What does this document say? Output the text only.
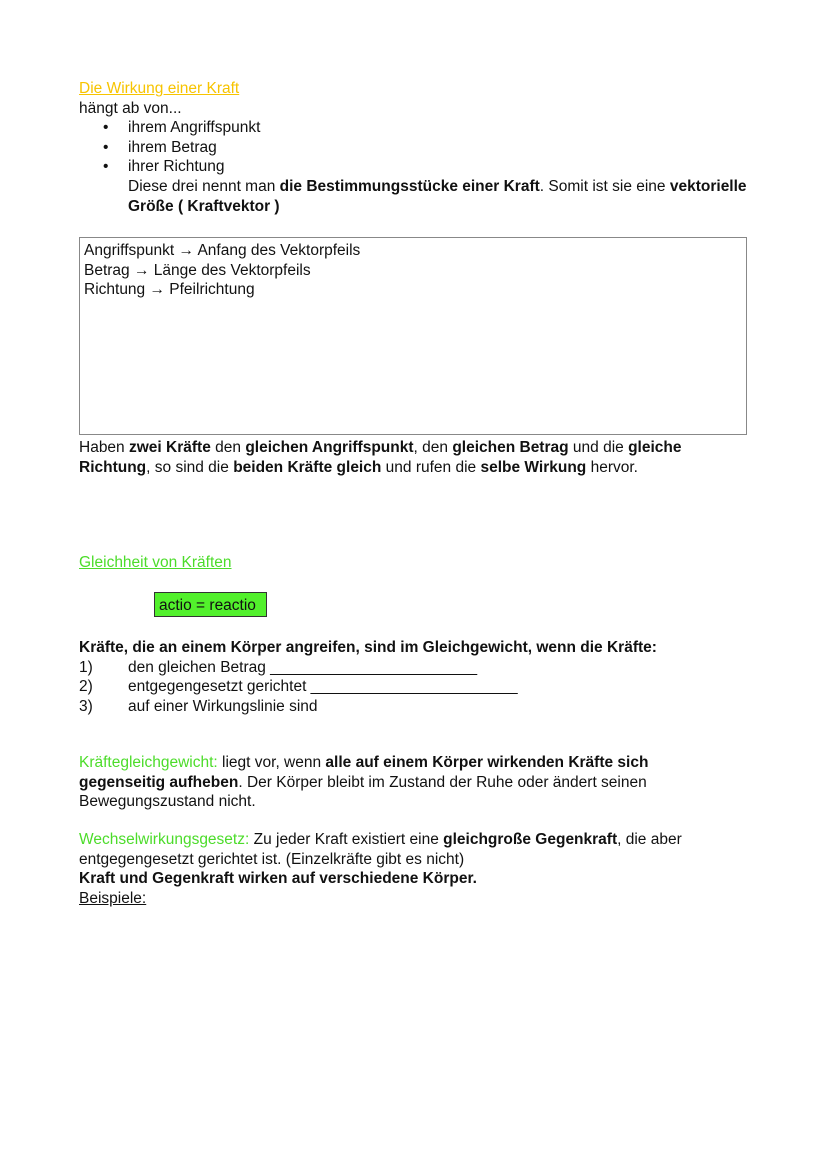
Die Wirkung einer Kraft
hängt ab von...
• ihrem Angriffspunkt
• ihrem Betrag
• ihrer Richtung
Diese drei nennt man die Bestimmungsstücke einer Kraft. Somit ist sie eine vektorielle Größe ( Kraftvektor )
Angriffspunkt → Anfang des Vektorpfeils
Betrag → Länge des Vektorpfeils
Richtung → Pfeilrichtung
Haben zwei Kräfte den gleichen Angriffspunkt, den gleichen Betrag und die gleiche Richtung, so sind die beiden Kräfte gleich und rufen die selbe Wirkung hervor.
Gleichheit von Kräften
actio = reactio
Kräfte, die an einem Körper angreifen, sind im Gleichgewicht, wenn die Kräfte:
1) den gleichen Betrag ________________________
2) entgegengesetzt gerichtet ________________________
3) auf einer Wirkungslinie sind
Kräftegleichgewicht: liegt vor, wenn alle auf einem Körper wirkenden Kräfte sich gegenseitig aufheben. Der Körper bleibt im Zustand der Ruhe oder ändert seinen Bewegungszustand nicht.
Wechselwirkungsgesetz: Zu jeder Kraft existiert eine gleichgroße Gegenkraft, die aber entgegengesetzt gerichtet ist. (Einzelkräfte gibt es nicht)
Kraft und Gegenkraft wirken auf verschiedene Körper.
Beispiele:
